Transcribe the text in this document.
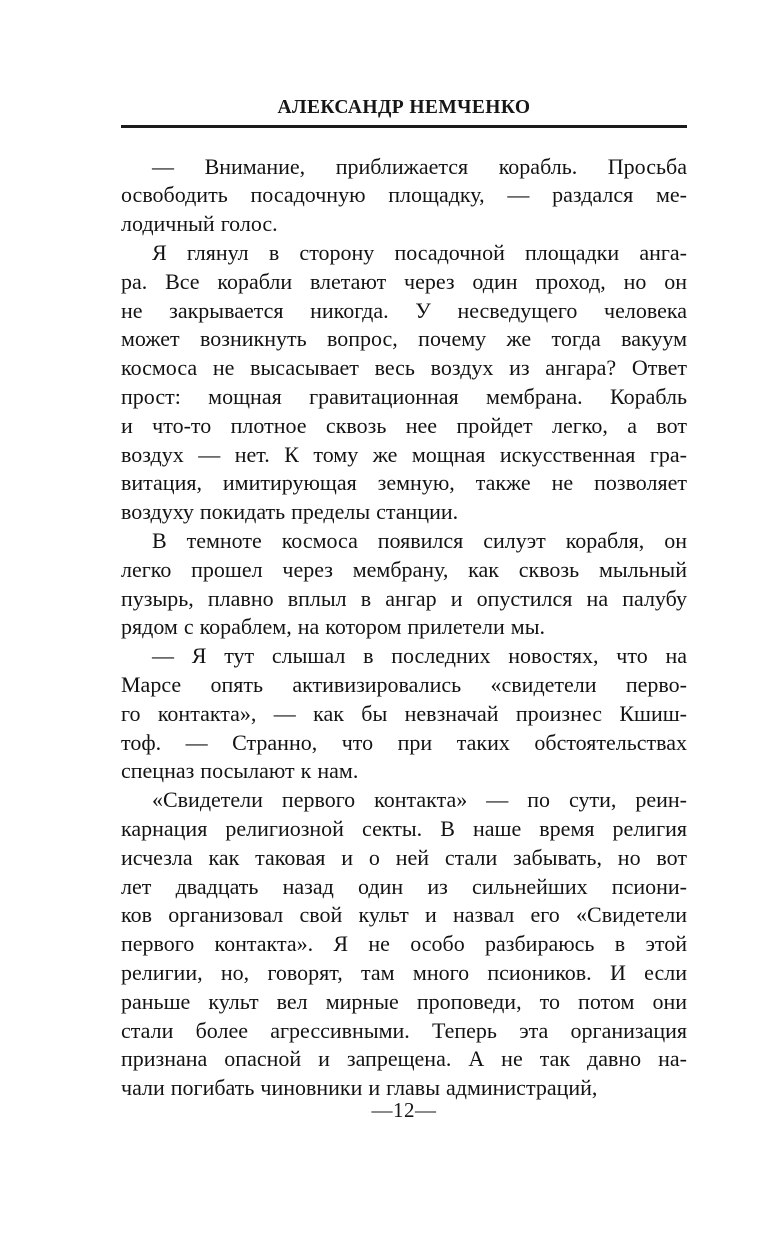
АЛЕКСАНДР НЕМЧЕНКО
— Внимание, приближается корабль. Просьба
освободить посадочную площадку, — раздался ме-
лодичный голос.
Я глянул в сторону посадочной площадки анга-
ра. Все корабли влетают через один проход, но он
не закрывается никогда. У несведущего человека
может возникнуть вопрос, почему же тогда вакуум
космоса не высасывает весь воздух из ангара? Ответ
прост: мощная гравитационная мембрана. Корабль
и что-то плотное сквозь нее пройдет легко, а вот
воздух — нет. К тому же мощная искусственная гра-
витация, имитирующая земную, также не позволяет
воздуху покидать пределы станции.
В темноте космоса появился силуэт корабля, он
легко прошел через мембрану, как сквозь мыльный
пузырь, плавно вплыл в ангар и опустился на палубу
рядом с кораблем, на котором прилетели мы.
— Я тут слышал в последних новостях, что на
Марсе опять активизировались «свидетели перво-
го контакта», — как бы невзначай произнес Кшиш-
тоф. — Странно, что при таких обстоятельствах
спецназ посылают к нам.
«Свидетели первого контакта» — по сути, реин-
карнация религиозной секты. В наше время религия
исчезла как таковая и о ней стали забывать, но вот
лет двадцать назад один из сильнейших псиони-
ков организовал свой культ и назвал его «Свидетели
первого контакта». Я не особо разбираюсь в этой
религии, но, говорят, там много псиоников. И если
раньше культ вел мирные проповеди, то потом они
стали более агрессивными. Теперь эта организация
признана опасной и запрещена. А не так давно на-
чали погибать чиновники и главы администраций,
—12—
